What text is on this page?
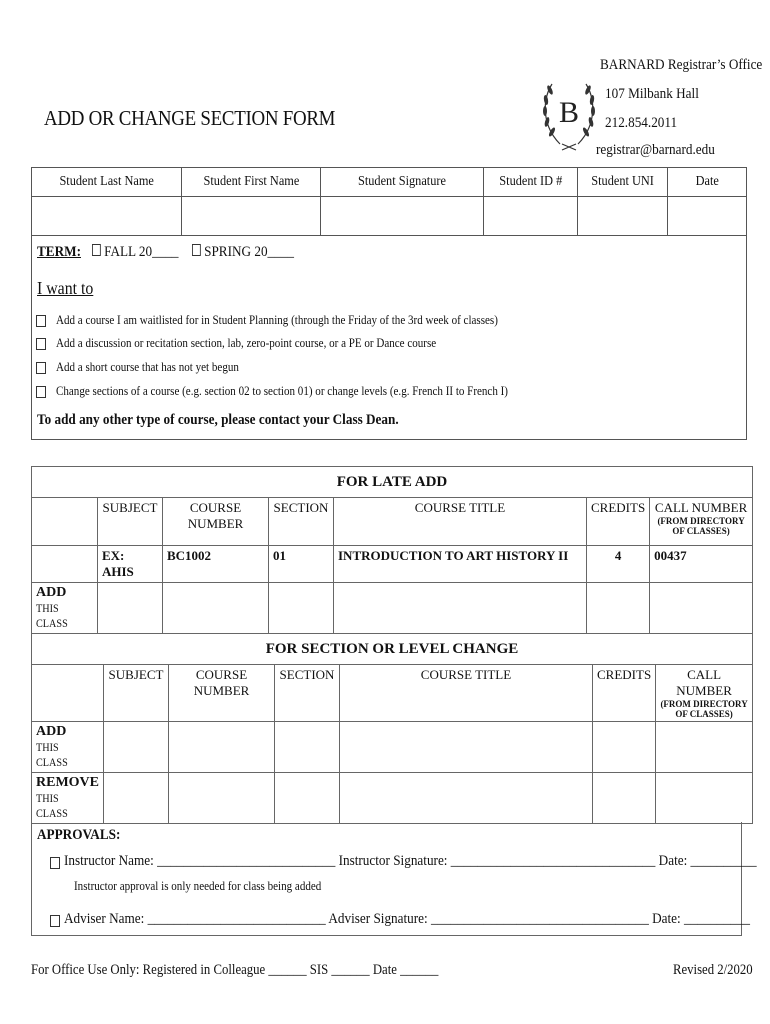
ADD OR CHANGE SECTION FORM	B
BARNARD Registrar’s Office
107 Milbank Hall
212.854.2011
registrar@barnard.edu
Student Last Name	Student First Name	Student Signature	Student ID #	Student UNI	Date

TERM:	FALL 20____	SPRING 20____
I want to
Add a course I am waitlisted for in Student Planning (through the Friday of the 3rd week of classes)
Add a discussion or recitation section, lab, zero-point course, or a PE or Dance course
Add a short course that has not yet begun
Change sections of a course (e.g. section 02 to section 01) or change levels (e.g. French II to French I)
To add any other type of course, please contact your Class Dean.
FOR LATE ADD						
	SUBJECT	COURSE NUMBER	SECTION	COURSE TITLE	CREDITS	CALL NUMBER
(FROM DIRECTORY OF CLASSES)

	EX: AHIS	BC1002	01	INTRODUCTION TO ART HISTORY II	4	00437

ADD
THIS CLASS						

FOR SECTION OR LEVEL CHANGE						
	SUBJECT	COURSE NUMBER	SECTION	COURSE TITLE	CREDITS	CALL NUMBER
(FROM DIRECTORY OF CLASSES)

ADD
THIS CLASS						

REMOVE
THIS CLASS						

APPROVALS:
Instructor Name: ___________________________ Instructor Signature: _______________________________ Date: __________
Instructor approval is only needed for class being added
Adviser Name: ___________________________ Adviser Signature: _________________________________ Date: __________
For Office Use Only: Registered in Colleague ______ SIS ______ Date ______	Revised 2/2020
